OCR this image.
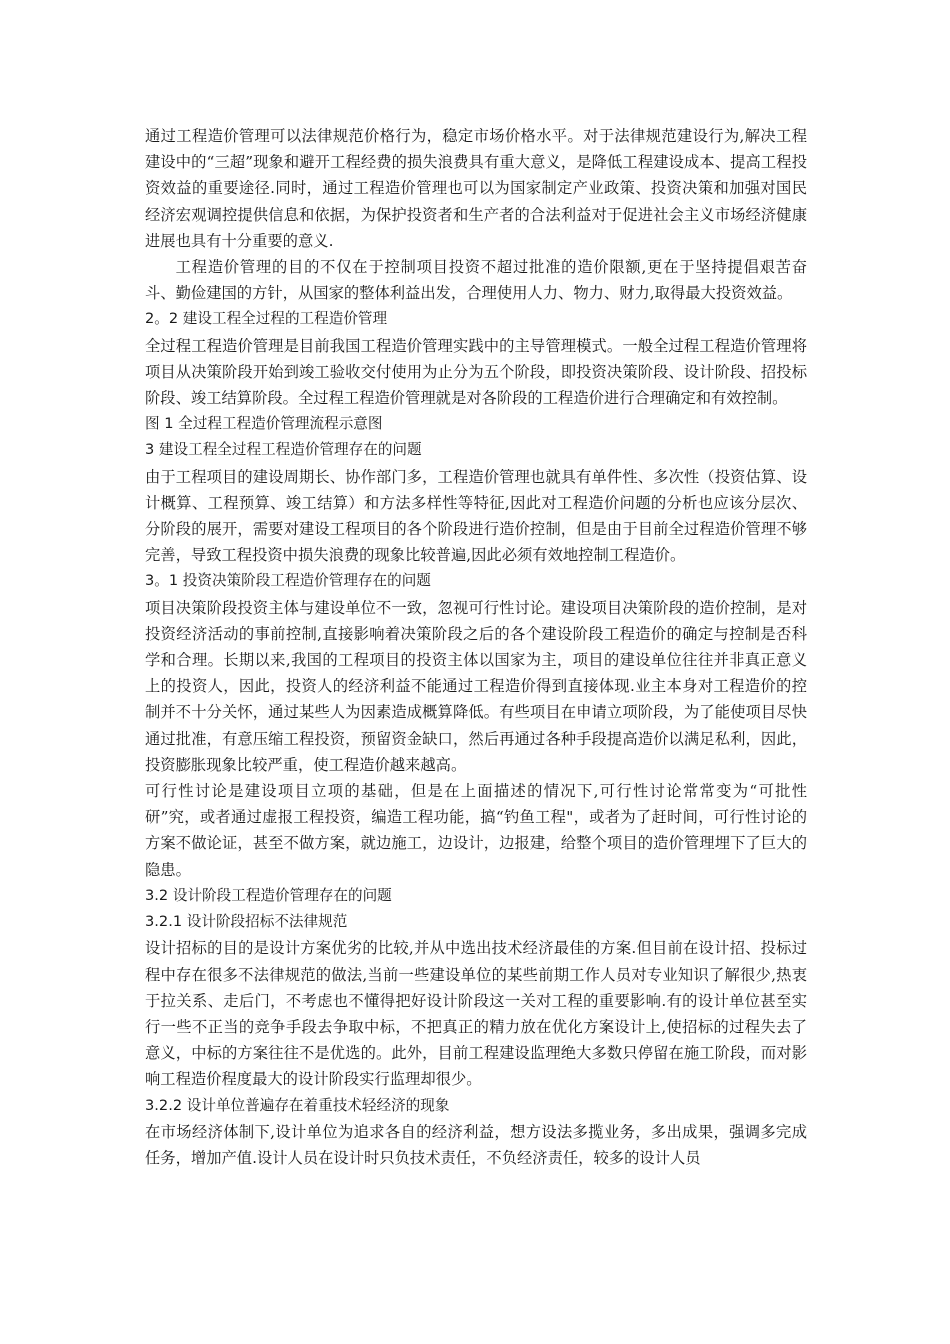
通过工程造价管理可以法律规范价格行为，稳定市场价格水平。对于法律规范建设行为,解决工程建设中的“三超”现象和避开工程经费的损失浪费具有重大意义，是降低工程建设成本、提高工程投资效益的重要途径.同时，通过工程造价管理也可以为国家制定产业政策、投资决策和加强对国民经济宏观调控提供信息和依据，为保护投资者和生产者的合法利益对于促进社会主义市场经济健康进展也具有十分重要的意义.

工程造价管理的目的不仅在于控制项目投资不超过批准的造价限额,更在于坚持提倡艰苦奋斗、勤俭建国的方针，从国家的整体利益出发，合理使用人力、物力、财力,取得最大投资效益。

2。2 建设工程全过程的工程造价管理

全过程工程造价管理是目前我国工程造价管理实践中的主导管理模式。一般全过程工程造价管理将项目从决策阶段开始到竣工验收交付使用为止分为五个阶段，即投资决策阶段、设计阶段、招投标阶段、竣工结算阶段。全过程工程造价管理就是对各阶段的工程造价进行合理确定和有效控制。

图 1 全过程工程造价管理流程示意图

3 建设工程全过程工程造价管理存在的问题

由于工程项目的建设周期长、协作部门多，工程造价管理也就具有单件性、多次性（投资估算、设计概算、工程预算、竣工结算）和方法多样性等特征,因此对工程造价问题的分析也应该分层次、分阶段的展开，需要对建设工程项目的各个阶段进行造价控制，但是由于目前全过程造价管理不够完善，导致工程投资中损失浪费的现象比较普遍,因此必须有效地控制工程造价。

3。1 投资决策阶段工程造价管理存在的问题

项目决策阶段投资主体与建设单位不一致，忽视可行性讨论。建设项目决策阶段的造价控制，是对投资经济活动的事前控制,直接影响着决策阶段之后的各个建设阶段工程造价的确定与控制是否科学和合理。长期以来,我国的工程项目的投资主体以国家为主，项目的建设单位往往并非真正意义上的投资人，因此，投资人的经济利益不能通过工程造价得到直接体现.业主本身对工程造价的控制并不十分关怀，通过某些人为因素造成概算降低。有些项目在申请立项阶段，为了能使项目尽快通过批准，有意压缩工程投资，预留资金缺口，然后再通过各种手段提高造价以满足私利，因此，投资膨胀现象比较严重，使工程造价越来越高。

可行性讨论是建设项目立项的基础，但是在上面描述的情况下,可行性讨论常常变为“可批性研”究，或者通过虚报工程投资，编造工程功能，搞“钓鱼工程"，或者为了赶时间，可行性讨论的方案不做论证，甚至不做方案，就边施工，边设计，边报建，给整个项目的造价管理埋下了巨大的隐患。

3.2 设计阶段工程造价管理存在的问题

3.2.1 设计阶段招标不法律规范

设计招标的目的是设计方案优劣的比较,并从中选出技术经济最佳的方案.但目前在设计招、投标过程中存在很多不法律规范的做法,当前一些建设单位的某些前期工作人员对专业知识了解很少,热衷于拉关系、走后门，不考虑也不懂得把好设计阶段这一关对工程的重要影响.有的设计单位甚至实行一些不正当的竞争手段去争取中标，不把真正的精力放在优化方案设计上,使招标的过程失去了意义，中标的方案往往不是优选的。此外，目前工程建设监理绝大多数只停留在施工阶段，而对影响工程造价程度最大的设计阶段实行监理却很少。

3.2.2 设计单位普遍存在着重技术轻经济的现象

在市场经济体制下,设计单位为追求各自的经济利益，想方设法多揽业务，多出成果，强调多完成任务，增加产值.设计人员在设计时只负技术责任，不负经济责任，较多的设计人员
